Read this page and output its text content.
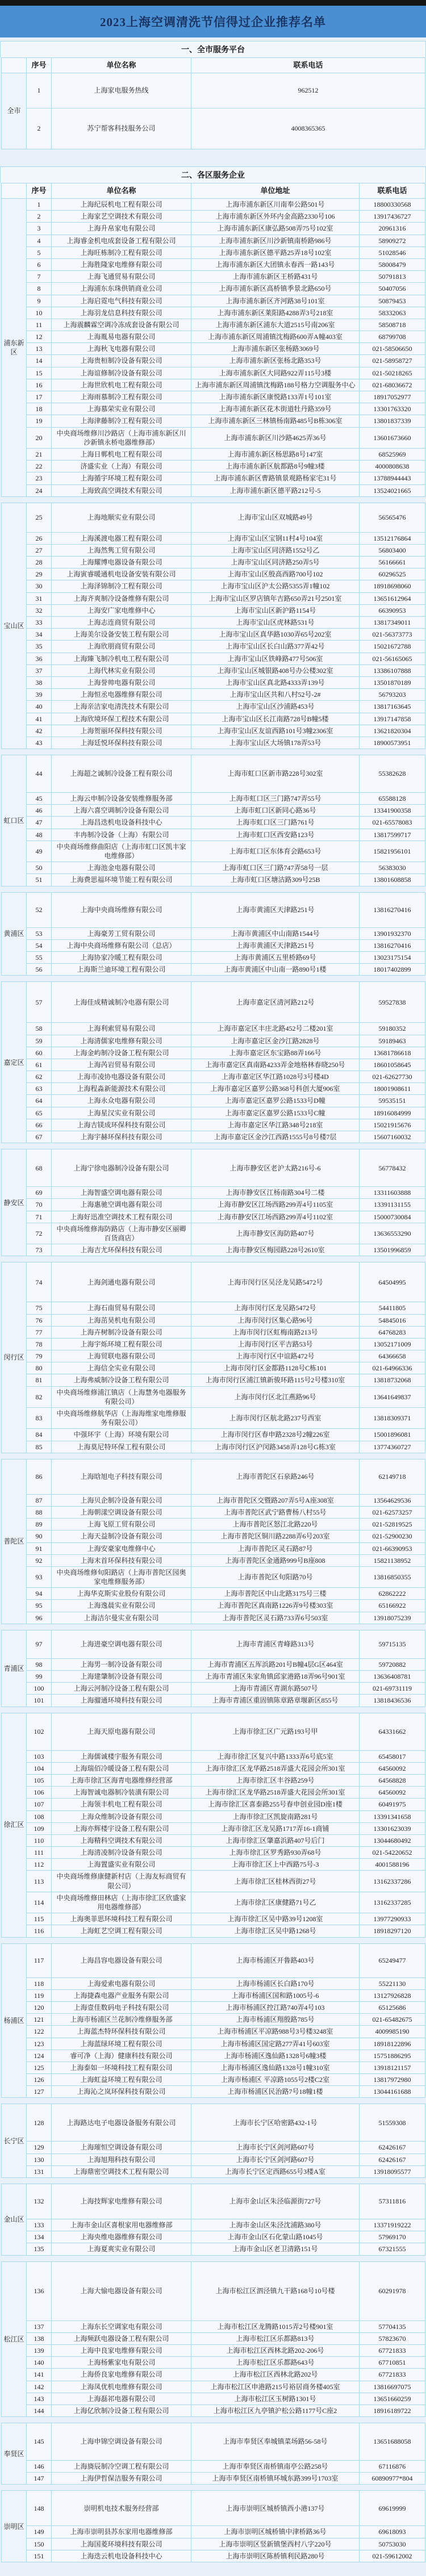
2023上海空调清洗节信得过企业推荐名单
一、全市服务平台
	序号	单位名称	联系电话
全市	1	上海家电服务热线	962512
	2	苏宁帮客科技服务公司	4008365365
二、各区服务企业
	序号	单位名称	单位地址	联系电话
浦东新区	1	上海纪辰机电工程有限公司	上海市浦东新区川南奉公路501号	18800330568
	2	上海家艺空调技术有限公司	上海市浦东新区外环内金高路2330号106	13917436727
	3	上海升帛家电有限公司	上海市浦东新区康弘路508弄75号102室	20961316
	4	上海睿金机电成套设备工程有限公司	上海市浦东新区川沙新镇南桥路986号	58909272
	5	上海旺栋制冷工程有限公司	上海市浦东新区德平路25弄18号102室	51028546
	6	上海胜隆家电维修有限公司	上海市浦东新区大团镇永春西一路143号	58008479
	7	上海飞通贸易有限公司	上海市浦东新区王桥路431号	50791813
	8	上海浦东东珠供销商业公司	上海市浦东新区高桥镇季景北路650号	50407056
	9	上海启霓电气科技有限公司	上海市浦东新区齐河路38号101室	50879453
	10	上海羽龙信息科技有限公司	上海市浦东新区莱阳路4288弄3号218室	58332063
	11	上海震麟霖空调冷冻成套设备有限公司	上海市浦东新区浦东大道2515号南206室	58508718
	12	上海胤易电器有限公司	上海市浦东新区周浦镇沈梅路600弄A幢403室	68799708
	13	上海秋飞电器有限公司	上海市浦东新区张杨路3069号	021-58506650
	14	上海贵桓制冷设备有限公司	上海市浦东新区张杨北路353号	021-58958727
	15	上海谊修制冷设备有限公司	上海市浦东新区大同路922弄115号3楼	021-50218265
	16	上海世欣机电工程有限公司	上海市浦东新区周浦镇沈梅路188号格力空调服务中心	021-68036672
	17	上海雨慕制冷工程有限公司	上海市浦东新区康悦路133弄1号101室	18917052977
	18	上海慕荣实业有限公司	上海市浦东新区花木街道牡丹路359号	13301763320
	19	上海津藤制冷工程有限公司	上海市浦东新区三林镇杨南路485号B栋306室	13801837339
	20	中央商场维修川沙路店（上海市浦东新区川沙新镇永桥电器维修部）	上海市浦东新区川沙路4625弄36号	13601673660
	21	上海日郸机电工程有限公司	上海市浦东新区杨思路8号147室	68525969
	22	济盛实业（上海）有限公司	上海市浦东新区航都路8号9幢3楼	4000808638
	23	上海循宇环境工程有限公司	上海市浦东新区曹路镇景观路杨家宅31号	13788944443
	24	上海致高空调技术有限公司	上海市浦东新区德平路212号-5	13524021665
宝山区	25	上海地顺实业有限公司	上海市宝山区双城路49号	56565476
	26	上海溪渡电器工程有限公司	上海市宝山区宝钢11村4号104室	13512176864
	27	上海然隽工贸有限公司	上海市宝山区同济路1552号乙	56803400
	28	上海耀博电器设备有限公司	上海市宝山区同济路250弄5号	56166661
	29	上海寅睿暖通机电设备安装有限公司	上海市宝山区殷高西路700号102	60296525
	30	上海泽锦制冷工程有限公司	上海市宝山区沪太公路5355弄1幢102	18918698060
	31	上海齐爽制冷设备维修有限公司	上海市宝山区罗店镇年吉路650弄21号2501室	13651612964
	32	上海安广家电维修中心	上海市宝山区新沪路1154号	66390953
	33	上海志连商贸有限公司	上海市宝山区虎林路531号	13817349011
	34	上海美尔设备安装工程有限公司	上海市宝山区真华路1030弄65号202室	021-56373773
	35	上海欣朋商贸有限公司	上海市宝山区长白山路377弄42号	15021672788
	36	上海臻飞制冷机电工程有限公司	上海市宝山区铁峰路477号506室	021-56165065
	37	上海代林实业有限公司	上海市宝山区城银路408号办公楼302室	13386107888
	38	上海誉帅电器有限公司	上海市宝山区真北路4333弄139号	13501870189
	39	上海恒丞电器维修有限公司	上海市宝山区共和八村52号-2#	56793203
	40	上海亲洁家电清洗技术有限公司	上海市宝山区沙浦路453号	13817163645
	41	上海欣境环保工程技术有限公司	上海市宝山区长江南路728号B幢5楼	13917147858
	42	上海贺丽环保科技有限公司	上海市宝山区友谊西路101号3幢2306室	13621820304
	43	上海廷悦环保科技有限公司	上海市宝山区大场镇178弄53号	18900573951
虹口区	44	上海超之诚制冷设备工程有限公司	上海市虹口区新市路228号302室	55382628
	45	上海云申制冷设备安装维修服务部	上海市虹口区三门路747弄55号	65588128
	46	上海六喜空调制冷设备有限公司	上海市虹口区新同心路36号	13341900358
	47	上海昌迭机电设备科技中心	上海市虹口区三门路761号	021-65578083
	48	丰冉制冷设备（上海）有限公司	上海市虹口区西安路123号	13817599717
	49	中央商场维修曲阳店（上海市虹口区凯丰家电维修部）	上海市虹口区东体育会路653号	15821956101
	50	上海池金电器有限公司	上海市虹口区三门路747弄58号一层	56383030
	51	上海费思福环境节能工程有限公司	上海市虹口区塘沽路309号25B	13801608858
黄浦区	52	上海中央商场维修有限公司	上海市黄浦区天津路251号	13816270416
	53	上海豪芳工贸有限公司	上海市黄浦区中山南路1544号	13901932370
	54	上海中央商场维修有限公司（总店）	上海市黄浦区天津路251号	13816270416
	55	上海协家冷暖工程有限公司	上海市黄浦区五里桥路69号	13023175154
	56	上海斯兰迪环境工程有限公司	上海市黄浦区中山南一路890号1楼	18017402899
嘉定区	57	上海佳成精诚制冷电器有限公司	上海市嘉定区清河路212号	59527838
	58	上海利索贸易有限公司	上海市嘉定区丰庄北路452号二楼201室	59180352
	59	上海清儒家电维修有限公司	上海市嘉定区金沙江路2828号	59189463
	60	上海金屿制冷设备工程有限公司	上海市嘉定区东宝路88弄166号	13681786618
	61	上海芮岩贸易有限公司	上海市嘉定区真南路4233弄金地格林春晓250号	18601058645
	62	上海市凌协电器设备有限公司	上海市嘉定区华江路1028号3号楼4D	021-62627730
	63	上海程淼新能源技术有限公司	上海市嘉定区嘉罗公路368号科创大厦906室	18001908611
	64	上海永众电器有限公司	上海市嘉定区嘉罗公路1533号D幢	59535151
	65	上海星汉实业有限公司	上海市嘉定区嘉罗公路1533号C幢	18916084999
	66	上海吉镁成环保科技有限公司	上海市嘉定区华江路348号218室	15021915676
	67	上海宇赫环保科技有限公司	上海市嘉定区金沙江西路1555号8号楼7层	15607160032
静安区	68	上海宁徐电器制冷设备有限公司	上海市静安区老沪太路216号-6	56778432
	69	上海智盛空调电器有限公司	上海市静安区江杨南路304号二楼	13311603888
	70	上海惠驰空调电器有限公司	上海市静安区江场西路299弄4号1105室	13391131155
	71	上海好迅准空调技术工程有限公司	上海市静安区江场西路299弄4号1102室	15000730084
	72	中央商场维修海防路店（上海市静安区丽卿百货商店）	上海市静安区海防路407号	13636553290
	73	上海吉尤环保科技有限公司	上海市静安区梅园路228号2610室	13501996859
闵行区	74	上海剑通电器有限公司	上海市闵行区吴泾龙吴路5472号	64504995
	75	上海石南贸易有限公司	上海市闵行区龙吴路5472号	54411805
	76	上海茁昊机电有限公司	上海市闵行区集心路96号	54845016
	77	上海卉树制冷设备有限公司	上海市闵行区虹梅南路213号	64768283
	78	上海宇烁环境工程有限公司	上海市闵行区平吉路53号	13052171009
	79	上海贸联电器有限公司	上海市闵行区中谊路472号	64366658
	80	上海信全实业有限公司	上海市闵行区金都路1128号C栋101	021-64966336
	81	上海弗威制冷设备工程有限公司	上海市闵行区浦江镇新骏环路115号2号楼310室	13818732068
	82	中央商场维修浦江镇店（上海慧务电器服务有限公司）	上海市闵行区北江燕路96号	13641649837
	83	中央商场维修航华店（上海海维家电维修服务有限公司）	上海市闵行区航北路237号西室	13818309371
	84	中强环宇（上海）环境有限公司	上海市闵行区春申路2328号2幢226室	15001896081
	85	上海莫尼特环保工程有限公司	上海市闵行区沪闵路3458弄128号G栋3室	13774360727
普陀区	86	上海晗旭电子科技有限公司	上海市普陀区石泉路246号	62149718
	87	上海贝企制冷设备有限公司	上海市普陀区交暨路207弄5号A座308室	13564629536
	88	上海朝漾空调设备有限公司	上海市普陀区武宁路曹杨八村55号	021-62573257
	89	上海飞原工贸有限公司	上海市普陀区怒江北路220号	021-52819525
	90	上海天益制冷设备有限公司	上海市普陀区铜川路2288弄6号203室	021-52900230
	91	上海安豪家电维修中心	上海市普陀区灵石路87号	021-66390953
	92	上海末首环保科技有限公司	上海市普陀区金通路999号B座808	15821138952
	93	中央商场维修旬阳路店（上海市普陀区园奥家电维修服务部）	上海市普陀区旬阳路70号	13816850355
	94	上海华克斯实业股份有限公司	上海市普陀区中山北路3175号三楼	62862222
	95	上海逸晨实业有限公司	上海市普陀区真南路1226弄9号楼303室	65166922
	96	上海洁尔曼实业有限公司	上海市普陀区灵石路733弄6号503室	13918075239
青浦区	97	上海进豪空调电器有限公司	上海市青浦区青峰路313号	59715135
	98	上海男一制冷设备有限公司	上海市青浦区五厍浜路201号B幢4层G区464室	59720882
	99	上海建肇制冷设备有限公司	上海市青浦区朱家角镇邱家港路18弄96号901室	13636408781
	100	上海云河制冷设备工程有限公司	上海市青浦区青湖东路507号	021-69731119
	101	上海骝通环境科技有限公司	上海市青浦区重固镇陈章路章堰新区855号	13818436536
徐汇区	102	上海天原电器有限公司	上海市徐汇区广元路193号甲	64331662
	103	上海儒诚楼宇服务有限公司	上海市徐汇区复兴中路1333弄6号底5室	65458017
	104	上海瑞佰冷暖设备工程有限公司	上海市徐汇区龙华路2518弄盛大花园会所301室	64560092
	105	上海市徐汇区海青电器维修经营部	上海市徐汇区丰谷路259号	64568828
	106	上海智诚电器制冷装潢有限公司	上海市徐汇区龙华路2518弄盛大花园会所301室	64560092
	107	上海领丰机电工程有限公司	上海市徐汇区喜泰路255号春申创业园D座1楼	60491975
	108	上海众维制冷设备有限公司	上海市徐汇区凯旋南路281号	13391341658
	109	上海亦辉楼宇设备工程有限公司	上海市徐汇区龙吴路1717弄16-1商铺	13301623039
	110	上海精科空调技术有限公司	上海市徐汇区肇嘉浜路407号后门	13044680492
	111	上海清凌制冷设备有限公司	上海市徐汇区罗秀路930弄68号	021-54220652
	112	上海置盛实业有限公司	上海市徐汇区上中西路75号-3	4001588196
	113	中央商场维修康健新村店（上海友标商贸有限公司）	上海市徐汇区桂林西街27号	13162337286
	114	中央商场维修田林店（上海市徐汇区欣盛家用电器维修部）	上海市徐汇区康健路71号乙	13162337285
	115	上海奥菲思环境科技工程有限公司	上海市徐汇区吴中路39号1208室	13977290933
	116	上海虹艺空调工程有限公司	上海市徐汇区吴中路1268号	18918297120
杨浦区	117	上海昌容电器设备有限公司	上海市杨浦区开鲁路403号	65249477
	118	上海爱索电器有限公司	上海市杨浦区长白路170号	55221130
	119	上海捷森电器产业服务有限公司	上海市杨浦区国和路1005号-6	13127926828
	120	上海壹佳数码电子科技有限公司	上海市杨浦区控江路740弄4号103	65125686
	121	上海市杨浦区兰花制冷维修服务部	上海市杨浦区翔殷路785号	021-65482675
	122	上海蓝杰特环保科技有限公司	上海市杨浦区平凉路988号3号楼3248室	4009985190
	123	上海蓝绿环境工程有限公司	上海市杨浦区国定路277弄41号603室	18918122896
	124	睿可净（上海）健康科技有限公司	上海市杨浦区逸仙路1328号6幢3楼	15751886295
	125	上海泰如一环境科技工程有限公司	上海市杨浦区逸仙路1328号1幢310室	13918121157
	126	上海虹益环境工程有限公司	上海市杨浦区 平凉路1055号2楼C2室	13817972980
	127	上海沁之岚环保科技有限公司	上海市杨浦区民治路7号18幢1楼	13044161688
长宁区	128	上海路达电子电器设备服务有限公司	上海市长宁区哈密路432-1号	51559308
	129	上海璀恒空调设备有限公司	上海市长宁区剑河路607号	62426167
	130	上海旭翔科技有限公司	上海市长宁区剑河路607号	62426167
	131	上海鼎密空调技术工程有限公司	上海市长宁区定西路655号3楼A室	13918095577
金山区	132	上海技辉家电维修有限公司	上海市金山区朱泾临源街727号	57311816
	133	上海市金山区喜根家用电器维修部	上海市金山区朱泾沈浦路380号	13371919222
	134	上海央维电器维修有限公司	上海市金山区石化蒙山路1045号	57969170
	135	上海夏爽实业有限公司	上海市金山区老卫清路151号	67321555
松江区	136	上海大愉电器设备有限公司	上海市松江区泗泾镇九干路168号10号楼	60291978
	137	上海东长空调家电有限公司	上海市松江区龙腾路1015弄2号楼901室	57704135
	138	上海频跃电器设备工程有限公司	上海市松江区乐都路813号	57823670
	139	上海中良家电维修有限公司	上海市松江区西林北路202-206号	67721833
	140	上海杨紫家电有限公司	上海市松江区乐都路643号	67710851
	141	上海侨良家电维修有限公司	上海市松江区西林北路202号	67721833
	142	上海凤优机电维修有限公司	上海市松江区申港路215号裕居商务楼405室	13816697075
	143	上海磊祁电器有限公司	上海市松江区玉树路1301号	13651660259
	144	上海亿欣制冷设备工程有限公司	上海市松江区九亭镇沪松公路1177号C座2	18916189722
奉贤区	145	上海申锦空调设备有限公司	上海市奉贤区奉城镇菜场路56-58号	13651688058
	146	上海旖辰制冷空调工程有限公司	上海市奉贤区南桥镇南亭公路258号	67116876
	147	上海伊哲保洁服务有限公司	上海市奉贤区南桥镇环城东路399号1703室	60890977*804
崇明区	148	崇明机电技术服务经营部	上海市崇明区城桥镇西小港137号	69619999
	149	上海市崇明县苏东家用电器维修部	上海市崇明区城桥镇中津桥路36号	69618093
	150	上海国菱环境科技有限公司	上海市崇明区竖新镇堡西村八字220号	50753030
	151	上海迭云机电设备科技中心	上海市崇明区陈桥镇利民路280号	021-59612002
